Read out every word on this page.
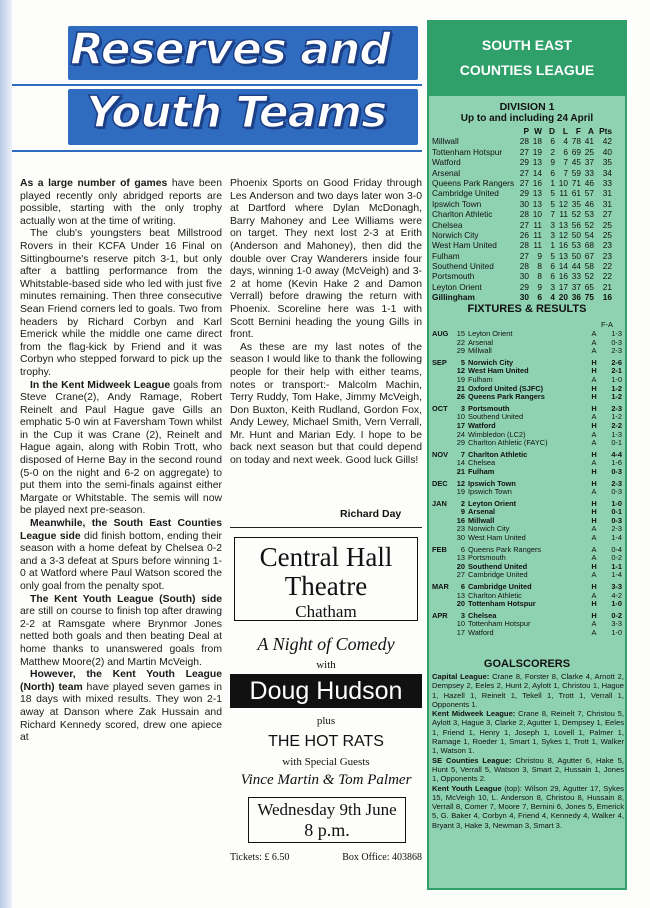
Reserves and
Youth Teams

As a large number of games have been played recently only abridged reports are possible, starting with the only trophy actually won at the time of writing.

The club's youngsters beat Millstrood Rovers in their KCFA Under 16 Final on Sittingbourne's reserve pitch 3-1, but only after a battling performance from the Whitstable-based side who led with just five minutes remaining. Then three consecutive Sean Friend corners led to goals. Two from headers by Richard Corbyn and Karl Emerick while the middle one came direct from the flag-kick by Friend and it was Corbyn who stepped forward to pick up the trophy.

In the Kent Midweek League goals from Steve Crane(2), Andy Ramage, Robert Reinelt and Paul Hague gave Gills an emphatic 5-0 win at Faversham Town whilst in the Cup it was Crane (2), Reinelt and Hague again, along with Robin Trott, who disposed of Herne Bay in the second round (5-0 on the night and 6-2 on aggregate) to put them into the semi-finals against either Margate or Whitstable. The semis will now be played next pre-season.

Meanwhile, the South East Counties League side did finish bottom, ending their season with a home defeat by Chelsea 0-2 and a 3-3 defeat at Spurs before winning 1-0 at Watford where Paul Watson scored the only goal from the penalty spot.

The Kent Youth League (South) side are still on course to finish top after drawing 2-2 at Ramsgate where Brynmor Jones netted both goals and then beating Deal at home thanks to unanswered goals from Matthew Moore(2) and Martin McVeigh.

However, the Kent Youth League (North) team have played seven games in 18 days with mixed results. They won 2-1 away at Danson where Zak Hussain and Richard Kennedy scored, drew one apiece at

Phoenix Sports on Good Friday through Les Anderson and two days later won 3-0 at Dartford where Dylan McDonagh, Barry Mahoney and Lee Williams were on target. They next lost 2-3 at Erith (Anderson and Mahoney), then did the double over Cray Wanderers inside four days, winning 1-0 away (McVeigh) and 3-2 at home (Kevin Hake 2 and Damon Verrall) before drawing the return with Phoenix. Scoreline here was 1-1 with Scott Bernini heading the young Gills in front.

As these are my last notes of the season I would like to thank the following people for their help with either teams, notes or transport:- Malcolm Machin, Terry Ruddy, Tom Hake, Jimmy McVeigh, Don Buxton, Keith Rudland, Gordon Fox, Andy Lewey, Michael Smith, Vern Verrall, Mr. Hunt and Marian Edy. I hope to be back next season but that could depend on today and next week. Good luck Gills!

Richard Day
Central Hall
Theatre
Chatham
A Night of Comedy
with
Doug Hudson
plus
THE HOT RATS
with Special Guests
Vince Martin & Tom Palmer
Wednesday 9th June
8 p.m.
Tickets: £ 6.50	Box Office: 403868
SOUTH EAST
COUNTIES LEAGUE
DIVISION 1
Up to and including 24 April
P W D L F A Pts
Millwall	28 18	6	4 78 41	42
Tottenham Hotspur	27 19	2	6 69 25	40
Watford	29 13	9	7 45 37	35
Arsenal	27 14	6	7 59 33	34
Queens Park Rangers 27 16	1 10 71 46	33
Cambridge United	29 13	5 11 61 57	31
Ipswich Town	30 13	5 12 35 46	31
Charlton Athletic	28 10	7 11 52 53	27
Chelsea	27 11	3 13 56 52	25
Norwich City	26 11	3 12 50 54	25
West Ham United	28 11	1 16 53 68	23
Fulham	27	9	5 13 50 67	23
Southend United	28	8	6 14 44 58	22
Portsmouth	30	8	6 16 33 52	22
Leyton Orient	29	9	3 17 37 65	21
Gillingham	30	6	4 20 36 75	16
FIXTURES & RESULTS
F-A
AUG	15 Leyton Orient	A	1-3
22 Arsenal	A	0-3
29 Millwall	A	2-3
SEP	5 Norwich City	H	2-6
12 West Ham United	H	2-1
19 Fulham	A	1-0
21 Oxford United (SJFC)	H	1-2
26 Queens Park Rangers	H	1-2
OCT	3 Portsmouth	H	2-3
10 Southend United	A	1-2
17 Watford	H	2-2
24 Wimbledon (LC2)	A	1-3
29 Charlton Athletic (FAYC)	A	0-1
NOV	7 Charlton Athletic	H	4-4
14 Chelsea	A	1-6
21 Fulham	H	0-3
DEC	12 Ipswich Town	H	2-3
19 Ipswich Town	A	0-3
JAN	2 Leyton Orient	H	1-0
9 Arsenal	H	0-1
16 Millwall	H	0-3
23 Norwich City	A	2-3
30 West Ham United	A	1-4
FEB	6 Queens Park Rangers	A	0-4
13 Portsmouth	A	0-2
20 Southend United	H	1-1
27 Cambridge United	A	1-4
MAR	6 Cambridge United	H	3-3
13 Charlton Athletic	A	4-2
20 Tottenham Hotspur	H	1-0
APR	3 Chelsea	H	0-2
10 Tottenham Hotspur	A	3-3
17 Watford	A	1-0
GOALSCORERS
Capital League: Crane 8, Forster 8, Clarke 4, Arnott 2, Dempsey 2, Eeles 2, Hunt 2, Aylott 1, Christou 1, Hague 1, Hazell 1, Reinelt 1, Tekell 1, Trott 1, Verrall 1, Opponents 1.
Kent Midweek League: Crane 8, Reinelt 7, Christou 5, Aylott 3, Hague 3, Clarke 2, Agutter 1, Dempsey 1, Eeles 1, Friend 1, Henry 1, Joseph 1, Lovell 1, Palmer 1, Ramage 1, Roeder 1, Smart 1, Sykes 1, Trott 1, Walker 1, Watson 1.
SE Counties League: Christou 8, Agutter 6, Hake 5, Hunt 5, Verrall 5, Watson 3, Smart 2, Hussain 1, Jones 1, Opponents 2.
Kent Youth League (top): Wilson 29, Agutter 17, Sykes 15, McVeigh 10, L. Anderson 8, Christou 8, Hussain 8, Verrall 8, Comer 7, Moore 7, Bernini 6, Jones 5, Emerick 5, G. Baker 4, Corbyn 4, Friend 4, Kennedy 4, Walker 4, Bryant 3, Hake 3, Newman 3, Smart 3.
